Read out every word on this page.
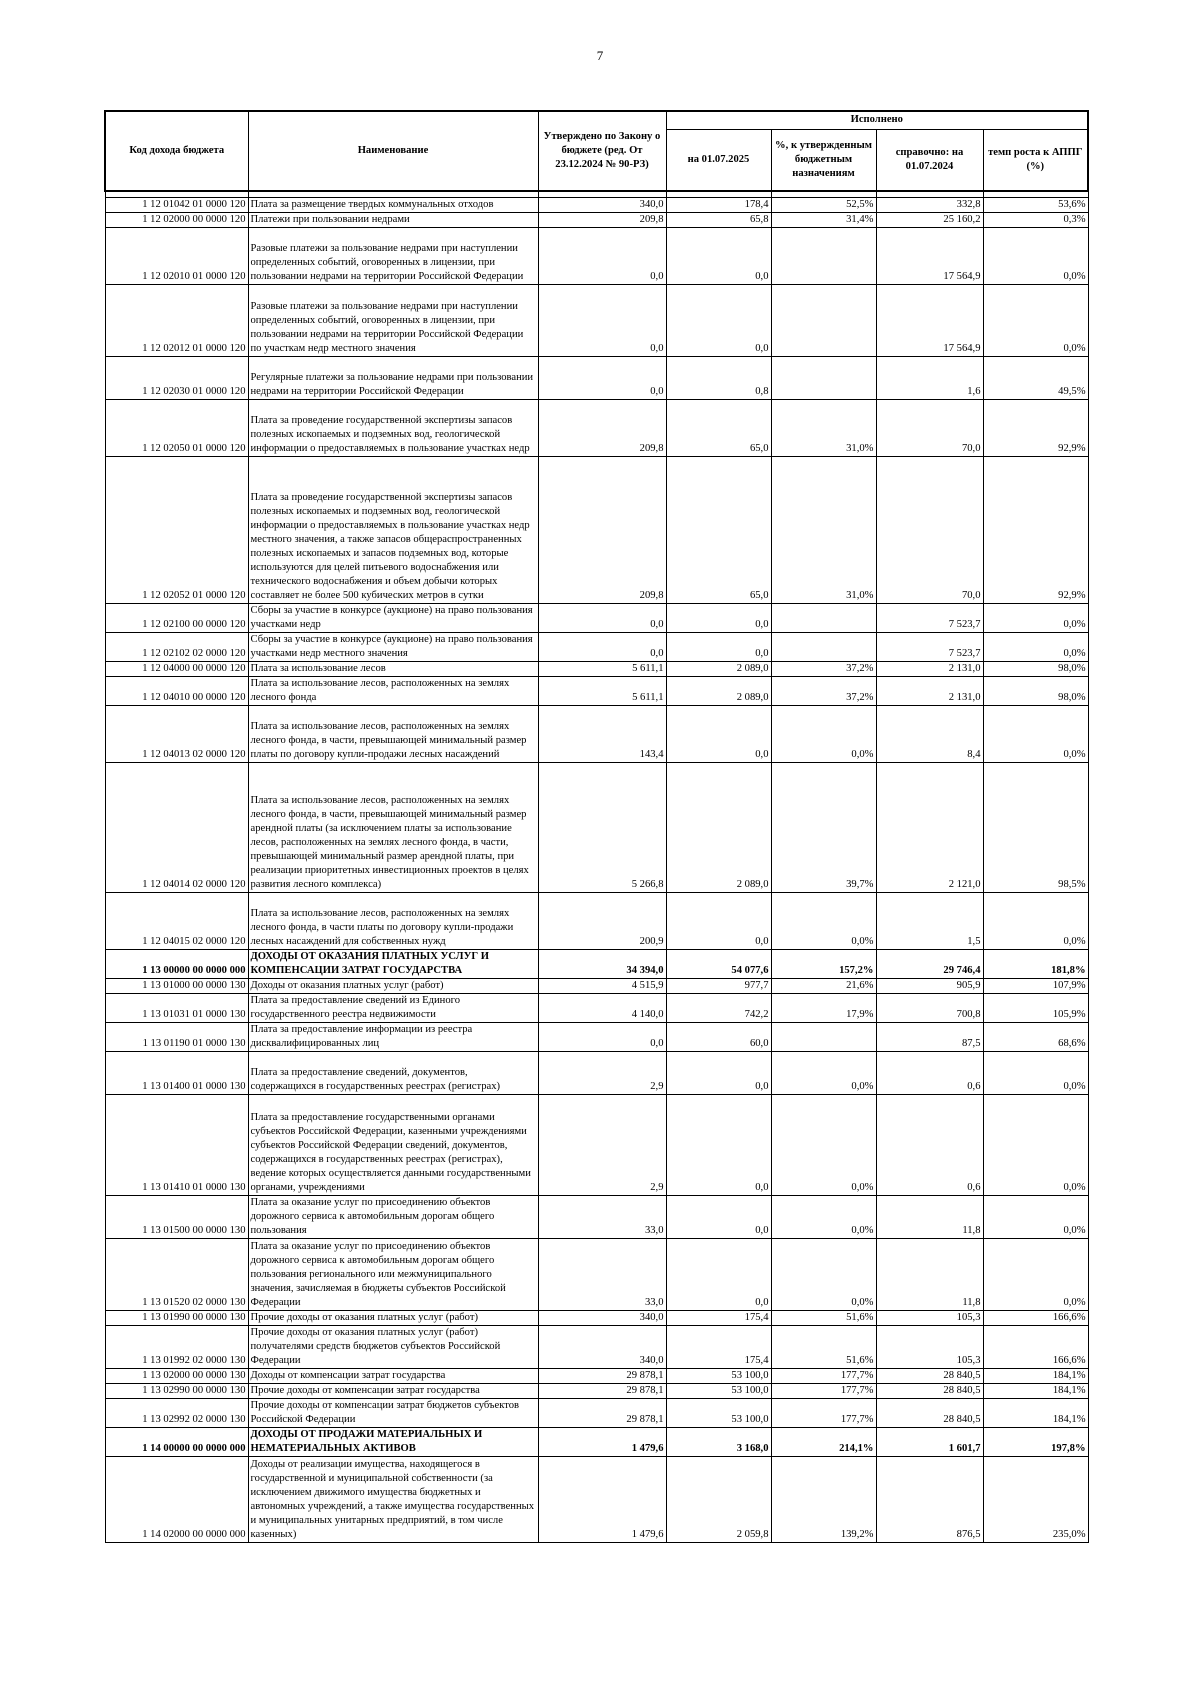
7
Код дохода бюджета	Наименование	Утверждено по Закону о бюджете (ред. От 23.12.2024 № 90-РЗ)	Исполнено			
			на 01.07.2025	%, к утвержденным бюджетным назначениям	справочно: на 01.07.2024	темп роста к АППГ (%)

1 12 01042 01 0000 120	Плата за размещение твердых коммунальных отходов	340,0	178,4	52,5%	332,8	53,6%
1 12 02000 00 0000 120	Платежи при пользовании недрами	209,8	65,8	31,4%	25 160,2	0,3%
1 12 02010 01 0000 120	Разовые платежи за пользование недрами при наступлении определенных событий, оговоренных в лицензии, при пользовании недрами на территории Российской Федерации	0,0	0,0		17 564,9	0,0%
1 12 02012 01 0000 120	Разовые платежи за пользование недрами при наступлении определенных событий, оговоренных в лицензии, при пользовании недрами на территории Российской Федерации по участкам недр местного значения	0,0	0,0		17 564,9	0,0%
1 12 02030 01 0000 120	Регулярные платежи за пользование недрами при пользовании недрами на территории Российской Федерации	0,0	0,8		1,6	49,5%
1 12 02050 01 0000 120	Плата за проведение государственной экспертизы запасов полезных ископаемых и подземных вод, геологической информации о предоставляемых в пользование участках недр	209,8	65,0	31,0%	70,0	92,9%
1 12 02052 01 0000 120	Плата за проведение государственной экспертизы запасов полезных ископаемых и подземных вод, геологической информации о предоставляемых в пользование участках недр местного значения, а также запасов общераспространенных полезных ископаемых и запасов подземных вод, которые используются для целей питьевого водоснабжения или технического водоснабжения и объем добычи которых составляет не более 500 кубических метров в сутки	209,8	65,0	31,0%	70,0	92,9%
1 12 02100 00 0000 120	Сборы за участие в конкурсе (аукционе) на право пользования участками недр	0,0	0,0		7 523,7	0,0%
1 12 02102 02 0000 120	Сборы за участие в конкурсе (аукционе) на право пользования участками недр местного значения	0,0	0,0		7 523,7	0,0%
1 12 04000 00 0000 120	Плата за использование лесов	5 611,1	2 089,0	37,2%	2 131,0	98,0%
1 12 04010 00 0000 120	Плата за использование лесов, расположенных на землях лесного фонда	5 611,1	2 089,0	37,2%	2 131,0	98,0%
1 12 04013 02 0000 120	Плата за использование лесов, расположенных на землях лесного фонда, в части, превышающей минимальный размер платы по договору купли-продажи лесных насаждений	143,4	0,0	0,0%	8,4	0,0%
1 12 04014 02 0000 120	Плата за использование лесов, расположенных на землях лесного фонда, в части, превышающей минимальный размер арендной платы (за исключением платы за использование лесов, расположенных на землях лесного фонда, в части, превышающей минимальный размер арендной платы, при реализации приоритетных инвестиционных проектов в целях развития лесного комплекса)	5 266,8	2 089,0	39,7%	2 121,0	98,5%
1 12 04015 02 0000 120	Плата за использование лесов, расположенных на землях лесного фонда, в части платы по договору купли-продажи лесных насаждений для собственных нужд	200,9	0,0	0,0%	1,5	0,0%
1 13 00000 00 0000 000	ДОХОДЫ ОТ ОКАЗАНИЯ ПЛАТНЫХ УСЛУГ И КОМПЕНСАЦИИ ЗАТРАТ ГОСУДАРСТВА	34 394,0	54 077,6	157,2%	29 746,4	181,8%
1 13 01000 00 0000 130	Доходы от оказания платных услуг (работ)	4 515,9	977,7	21,6%	905,9	107,9%
1 13 01031 01 0000 130	Плата за предоставление сведений из Единого государственного реестра недвижимости	4 140,0	742,2	17,9%	700,8	105,9%
1 13 01190 01 0000 130	Плата за предоставление информации из реестра дисквалифицированных лиц	0,0	60,0		87,5	68,6%
1 13 01400 01 0000 130	Плата за предоставление сведений, документов, содержащихся в государственных реестрах (регистрах)	2,9	0,0	0,0%	0,6	0,0%
1 13 01410 01 0000 130	Плата за предоставление государственными органами субъектов Российской Федерации, казенными учреждениями субъектов Российской Федерации сведений, документов, содержащихся в государственных реестрах (регистрах), ведение которых осуществляется данными государственными органами, учреждениями	2,9	0,0	0,0%	0,6	0,0%
1 13 01500 00 0000 130	Плата за оказание услуг по присоединению объектов дорожного сервиса к автомобильным дорогам общего пользования	33,0	0,0	0,0%	11,8	0,0%
1 13 01520 02 0000 130	Плата за оказание услуг по присоединению объектов дорожного сервиса к автомобильным дорогам общего пользования регионального или межмуниципального значения, зачисляемая в бюджеты субъектов Российской Федерации	33,0	0,0	0,0%	11,8	0,0%
1 13 01990 00 0000 130	Прочие доходы от оказания платных услуг (работ)	340,0	175,4	51,6%	105,3	166,6%
1 13 01992 02 0000 130	Прочие доходы от оказания платных услуг (работ) получателями средств бюджетов субъектов Российской Федерации	340,0	175,4	51,6%	105,3	166,6%
1 13 02000 00 0000 130	Доходы от компенсации затрат государства	29 878,1	53 100,0	177,7%	28 840,5	184,1%
1 13 02990 00 0000 130	Прочие доходы от компенсации затрат государства	29 878,1	53 100,0	177,7%	28 840,5	184,1%
1 13 02992 02 0000 130	Прочие доходы от компенсации затрат бюджетов субъектов Российской Федерации	29 878,1	53 100,0	177,7%	28 840,5	184,1%
1 14 00000 00 0000 000	ДОХОДЫ ОТ ПРОДАЖИ МАТЕРИАЛЬНЫХ И НЕМАТЕРИАЛЬНЫХ АКТИВОВ	1 479,6	3 168,0	214,1%	1 601,7	197,8%
1 14 02000 00 0000 000	Доходы от реализации имущества, находящегося в государственной и муниципальной собственности (за исключением движимого имущества бюджетных и автономных учреждений, а также имущества государственных и муниципальных унитарных предприятий, в том числе казенных)	1 479,6	2 059,8	139,2%	876,5	235,0%
